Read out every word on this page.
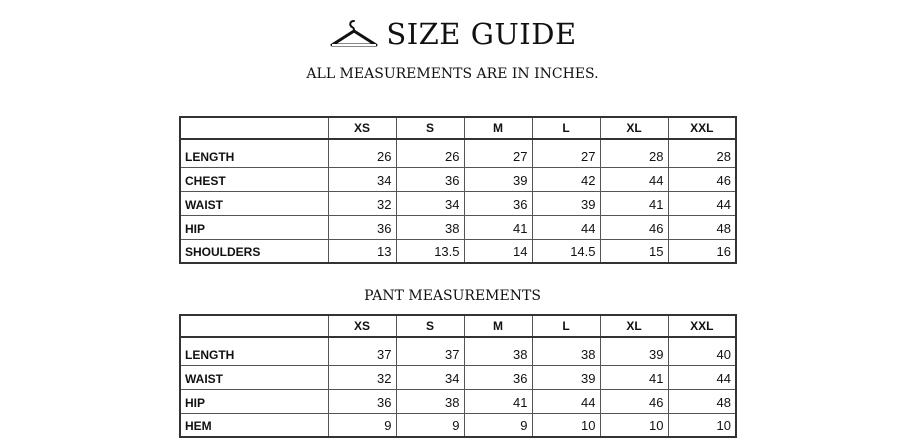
SIZE GUIDE
ALL MEASUREMENTS ARE IN INCHES.
	XS	S	M	L	XL	XXL
LENGTH	26	26	27	27	28	28
CHEST	34	36	39	42	44	46
WAIST	32	34	36	39	41	44
HIP	36	38	41	44	46	48
SHOULDERS	13	13.5	14	14.5	15	16
PANT MEASUREMENTS
	XS	S	M	L	XL	XXL
LENGTH	37	37	38	38	39	40
WAIST	32	34	36	39	41	44
HIP	36	38	41	44	46	48
HEM	9	9	9	10	10	10
